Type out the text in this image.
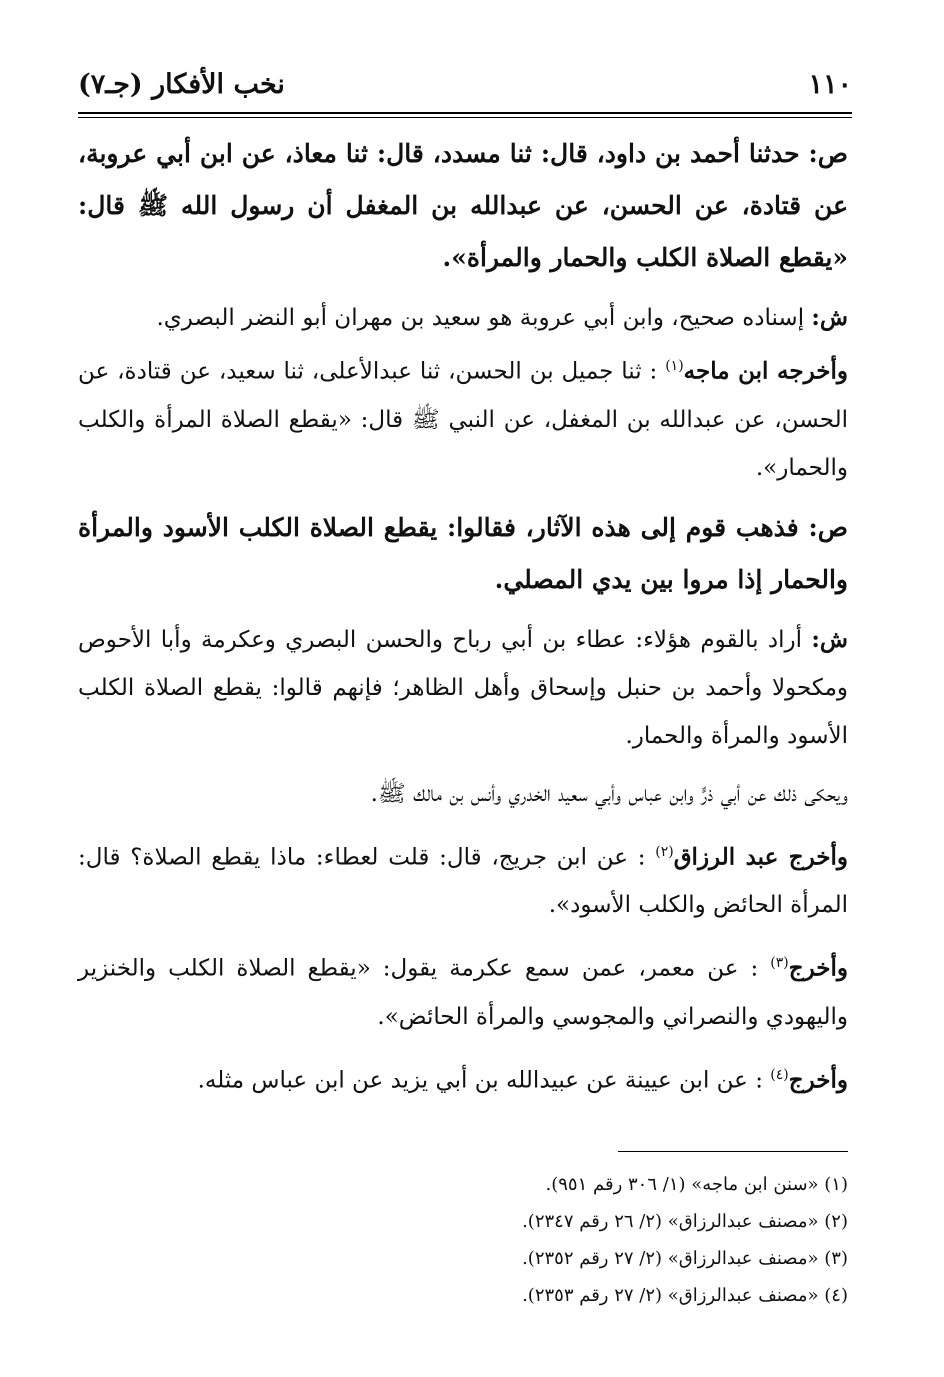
١١٠
نخب الأفكار (جـ٧)

ص: حدثنا أحمد بن داود، قال: ثنا مسدد، قال: ثنا معاذ، عن ابن أبي عروبة، عن قتادة، عن الحسن، عن عبدالله بن المغفل أن رسول الله ﷺ قال: «يقطع الصلاة الكلب والحمار والمرأة».

ش: إسناده صحيح، وابن أبي عروبة هو سعيد بن مهران أبو النضر البصري.
وأخرجه ابن ماجه$^{(١)}$ : ثنا جميل بن الحسن، ثنا عبدالأعلى، ثنا سعيد، عن قتادة، عن الحسن، عن عبدالله بن المغفل، عن النبي ﷺ قال: «يقطع الصلاة المرأة والكلب والحمار».

ص: فذهب قوم إلى هذه الآثار، فقالوا: يقطع الصلاة الكلب الأسود والمرأة والحمار إذا مروا بين يدي المصلي.

ش: أراد بالقوم هؤلاء: عطاء بن أبي رباح والحسن البصري وعكرمة وأبا الأحوص ومكحولا وأحمد بن حنبل وإسحاق وأهل الظاهر؛ فإنهم قالوا: يقطع الصلاة الكلب الأسود والمرأة والحمار.

ويحكى ذلك عن أبي ذرٍّ وابن عباس وأبي سعيد الخدري وأنس بن مالك ﷺ.

وأخرج عبد الرزاق$^{(٢)}$ : عن ابن جريج، قال: قلت لعطاء: ماذا يقطع الصلاة؟ قال: المرأة الحائض والكلب الأسود».

وأخرج$^{(٣)}$ : عن معمر، عمن سمع عكرمة يقول: «يقطع الصلاة الكلب والخنزير واليهودي والنصراني والمجوسي والمرأة الحائض».

وأخرج$^{(٤)}$ : عن ابن عيينة عن عبيدالله بن أبي يزيد عن ابن عباس مثله.

(١) «سنن ابن ماجه» (١/ ٣٠٦ رقم ٩٥١).
(٢) «مصنف عبدالرزاق» (٢/ ٢٦ رقم ٢٣٤٧).
(٣) «مصنف عبدالرزاق» (٢/ ٢٧ رقم ٢٣٥٢).
(٤) «مصنف عبدالرزاق» (٢/ ٢٧ رقم ٢٣٥٣).
